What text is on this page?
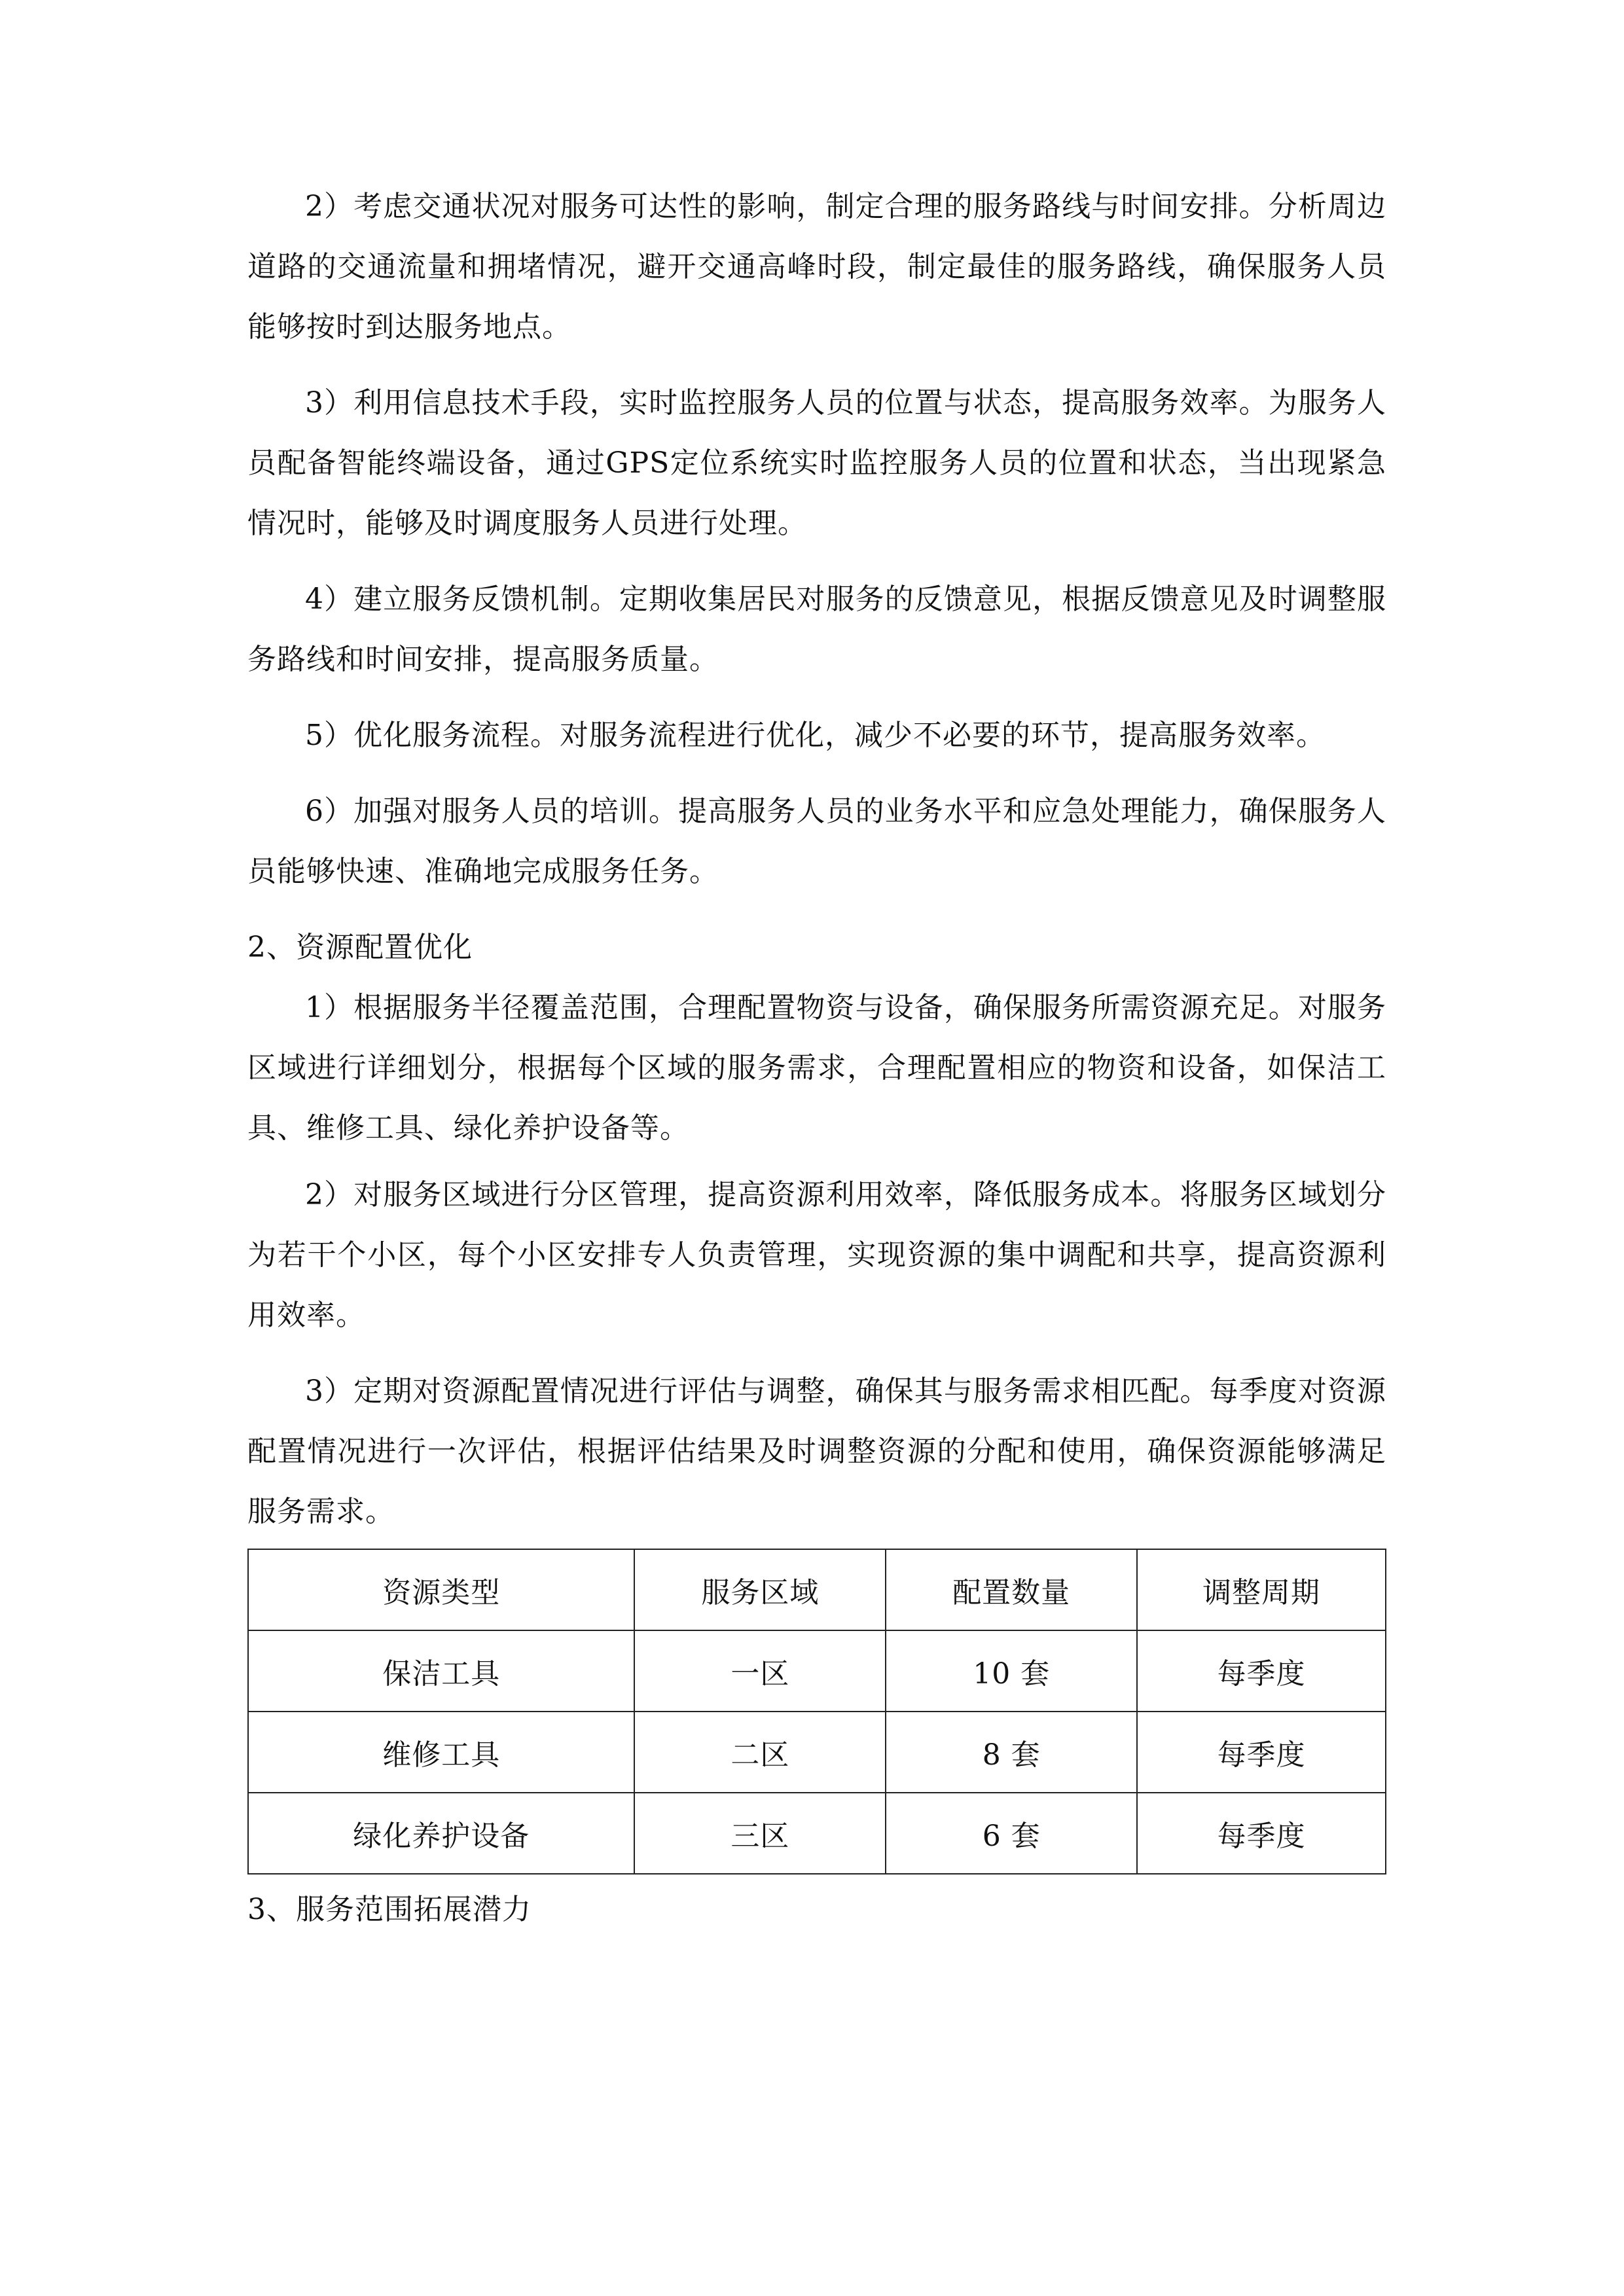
2）考虑交通状况对服务可达性的影响，制定合理的服务路线与时间安排。分析周边道路的交通流量和拥堵情况，避开交通高峰时段，制定最佳的服务路线，确保服务人员能够按时到达服务地点。

3）利用信息技术手段，实时监控服务人员的位置与状态，提高服务效率。为服务人员配备智能终端设备，通过GPS定位系统实时监控服务人员的位置和状态，当出现紧急情况时，能够及时调度服务人员进行处理。

4）建立服务反馈机制。定期收集居民对服务的反馈意见，根据反馈意见及时调整服务路线和时间安排，提高服务质量。

5）优化服务流程。对服务流程进行优化，减少不必要的环节，提高服务效率。

6）加强对服务人员的培训。提高服务人员的业务水平和应急处理能力，确保服务人员能够快速、准确地完成服务任务。

2、资源配置优化

1）根据服务半径覆盖范围，合理配置物资与设备，确保服务所需资源充足。对服务区域进行详细划分，根据每个区域的服务需求，合理配置相应的物资和设备，如保洁工具、维修工具、绿化养护设备等。

2）对服务区域进行分区管理，提高资源利用效率，降低服务成本。将服务区域划分为若干个小区，每个小区安排专人负责管理，实现资源的集中调配和共享，提高资源利用效率。

3）定期对资源配置情况进行评估与调整，确保其与服务需求相匹配。每季度对资源配置情况进行一次评估，根据评估结果及时调整资源的分配和使用，确保资源能够满足服务需求。

资源类型	服务区域	配置数量	调整周期
保洁工具	一区	10 套	每季度
维修工具	二区	8 套	每季度
绿化养护设备	三区	6 套	每季度
3、服务范围拓展潜力
